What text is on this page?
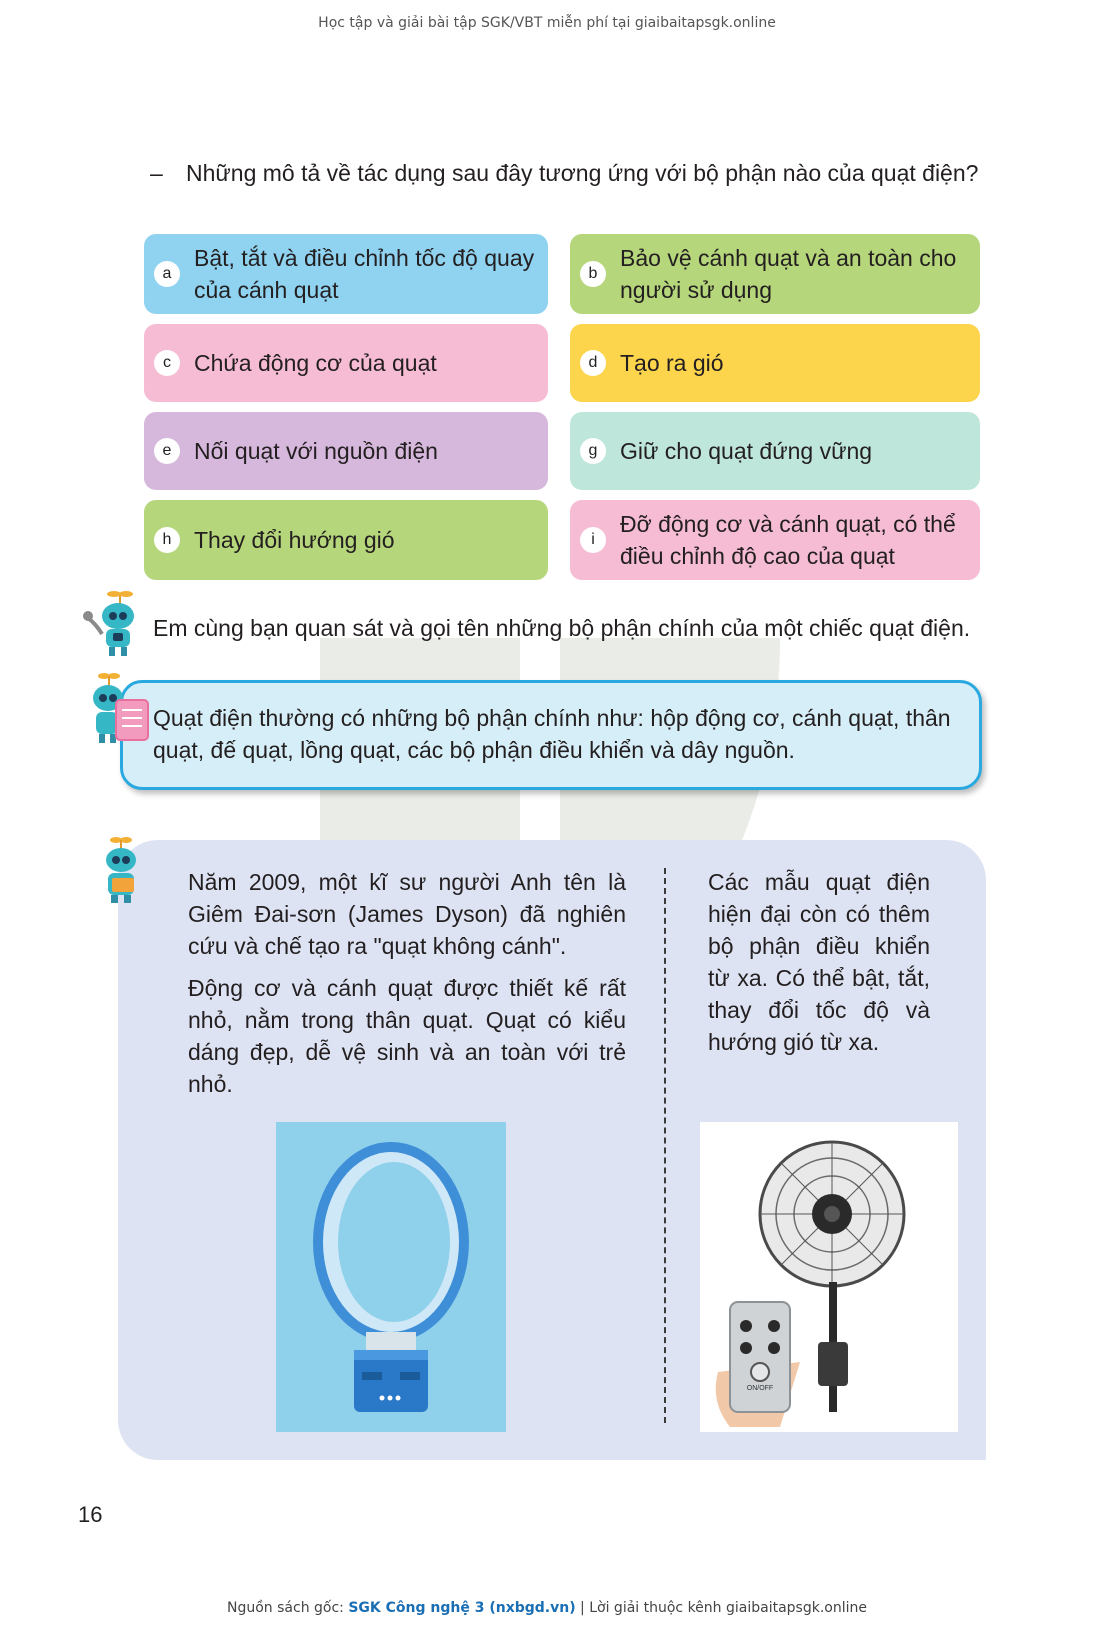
Học tập và giải bài tập SGK/VBT miễn phí tại giaibaitapsgk.online
– Những mô tả về tác dụng sau đây tương ứng với bộ phận nào của quạt điện?
a
Bật, tắt và điều chỉnh tốc độ quay của cánh quạt
b
Bảo vệ cánh quạt và an toàn cho người sử dụng
c	Chứa động cơ của quạt	d Tạo ra gió
e Nối quạt với nguồn điện	g Giữ cho quạt đứng vững
h Thay đổi hướng gió	i
Đỡ động cơ và cánh quạt, có thể điều chỉnh độ cao của quạt
Em cùng bạn quan sát và gọi tên những bộ phận chính của một chiếc quạt điện.
Quạt điện thường có những bộ phận chính như: hộp động cơ, cánh quạt, thân quạt, đế quạt, lồng quạt, các bộ phận điều khiển và dây nguồn.

Năm 2009, một kĩ sư người Anh tên là Giêm Đai-sơn (James Dyson) đã nghiên cứu và chế tạo ra "quạt không cánh".

Động cơ và cánh quạt được thiết kế rất nhỏ, nằm trong thân quạt. Quạt có kiểu dáng đẹp, dễ vệ sinh và an toàn với trẻ nhỏ.

Các mẫu quạt điện hiện đại còn có thêm bộ phận điều khiển từ xa. Có thể bật, tắt, thay đổi tốc độ và hướng gió từ xa.

ON/OFF
16
Nguồn sách gốc: SGK Công nghệ 3 (nxbgd.vn) | Lời giải thuộc kênh giaibaitapsgk.online
